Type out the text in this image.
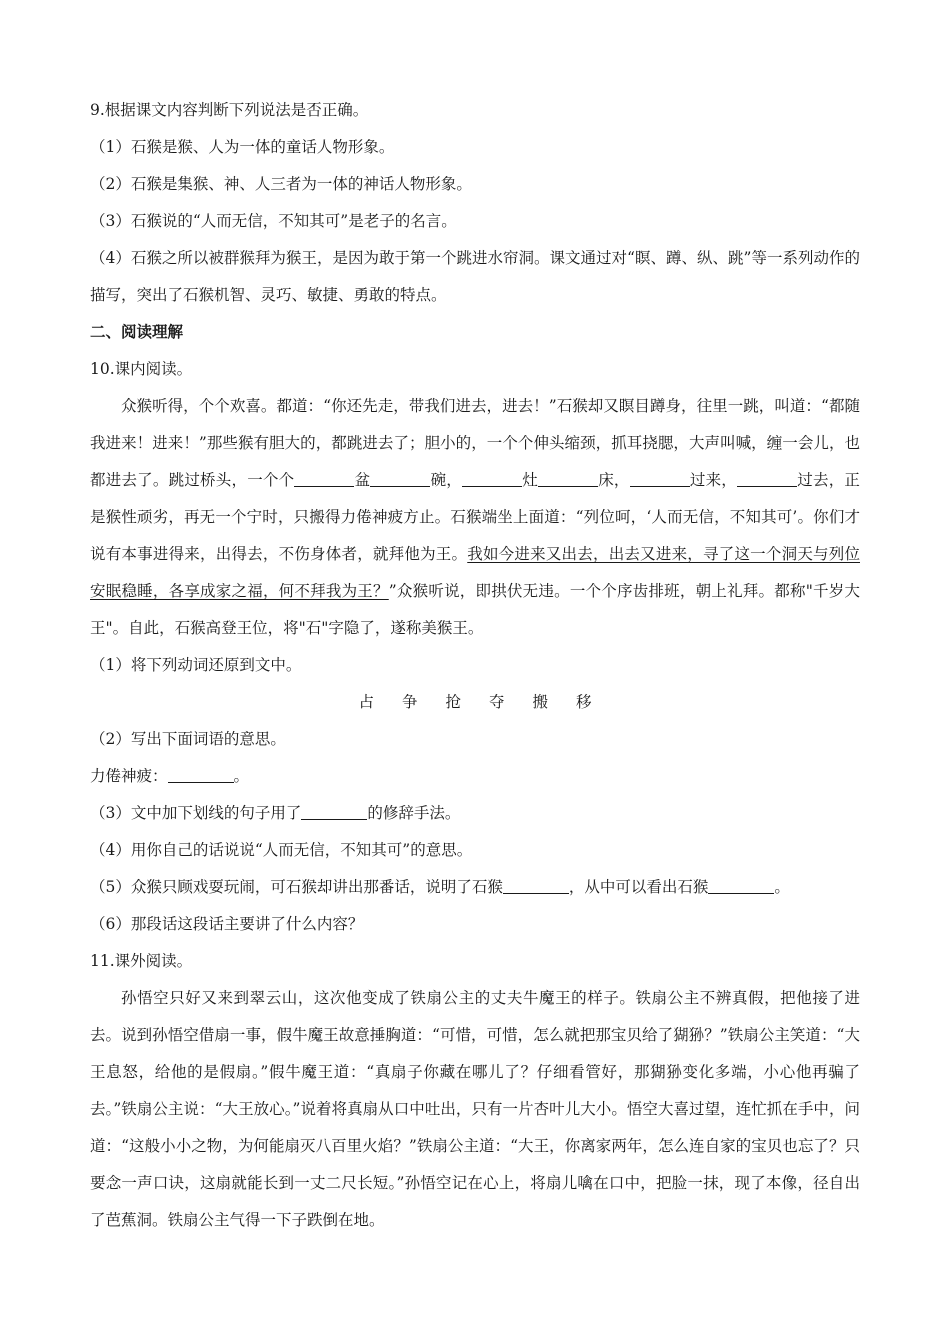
9.根据课文内容判断下列说法是否正确。
（1）石猴是猴、人为一体的童话人物形象。
（2）石猴是集猴、神、人三者为一体的神话人物形象。
（3）石猴说的“人而无信，不知其可”是老子的名言。
（4）石猴之所以被群猴拜为猴王，是因为敢于第一个跳进水帘洞。课文通过对“瞑、蹲、纵、跳”等一系列动作的描写，突出了石猴机智、灵巧、敏捷、勇敢的特点。
二、阅读理解
10.课内阅读。
众猴听得，个个欢喜。都道：“你还先走，带我们进去，进去！”石猴却又瞑目蹲身，往里一跳，叫道：“都随我进来！进来！”那些猴有胆大的，都跳进去了；胆小的，一个个伸头缩颈，抓耳挠腮，大声叫喊，缠一会儿，也都进去了。跳过桥头，一个个	盆	碗，	灶	床，	过来，	过去，正是猴性顽劣，再无一个宁时，只搬得力倦神疲方止。石猴端坐上面道：“列位呵，‘人而无信，不知其可’。你们才说有本事进得来，出得去，不伤身体者，就拜他为王。我如今进来又出去，出去又进来，寻了这一个洞天与列位安眠稳睡，各享成家之福，何不拜我为王？”众猴听说，即拱伏无违。一个个序齿排班，朝上礼拜。都称"千岁大王"。自此，石猴高登王位，将"石"字隐了，遂称美猴王。
（1）将下列动词还原到文中。
占 争 抢 夺 搬 移
（2）写出下面词语的意思。
力倦神疲：	。
（3）文中加下划线的句子用了	的修辞手法。
（4）用你自己的话说说“人而无信，不知其可”的意思。
（5）众猴只顾戏耍玩闹，可石猴却讲出那番话，说明了石猴	，从中可以看出石猴	。
（6）那段话这段话主要讲了什么内容？
11.课外阅读。
孙悟空只好又来到翠云山，这次他变成了铁扇公主的丈夫牛魔王的样子。铁扇公主不辨真假，把他接了进去。说到孙悟空借扇一事，假牛魔王故意捶胸道：“可惜，可惜，怎么就把那宝贝给了猢狲？”铁扇公主笑道：“大王息怒，给他的是假扇。”假牛魔王道：“真扇子你藏在哪儿了？仔细看管好，那猢狲变化多端，小心他再骗了去。”铁扇公主说：“大王放心。”说着将真扇从口中吐出，只有一片杏叶儿大小。悟空大喜过望，连忙抓在手中，问道：“这般小小之物，为何能扇灭八百里火焰？”铁扇公主道：“大王，你离家两年，怎么连自家的宝贝也忘了？只要念一声口诀，这扇就能长到一丈二尺长短。”孙悟空记在心上，将扇儿噙在口中，把脸一抹，现了本像，径自出了芭蕉洞。铁扇公主气得一下子跌倒在地。
